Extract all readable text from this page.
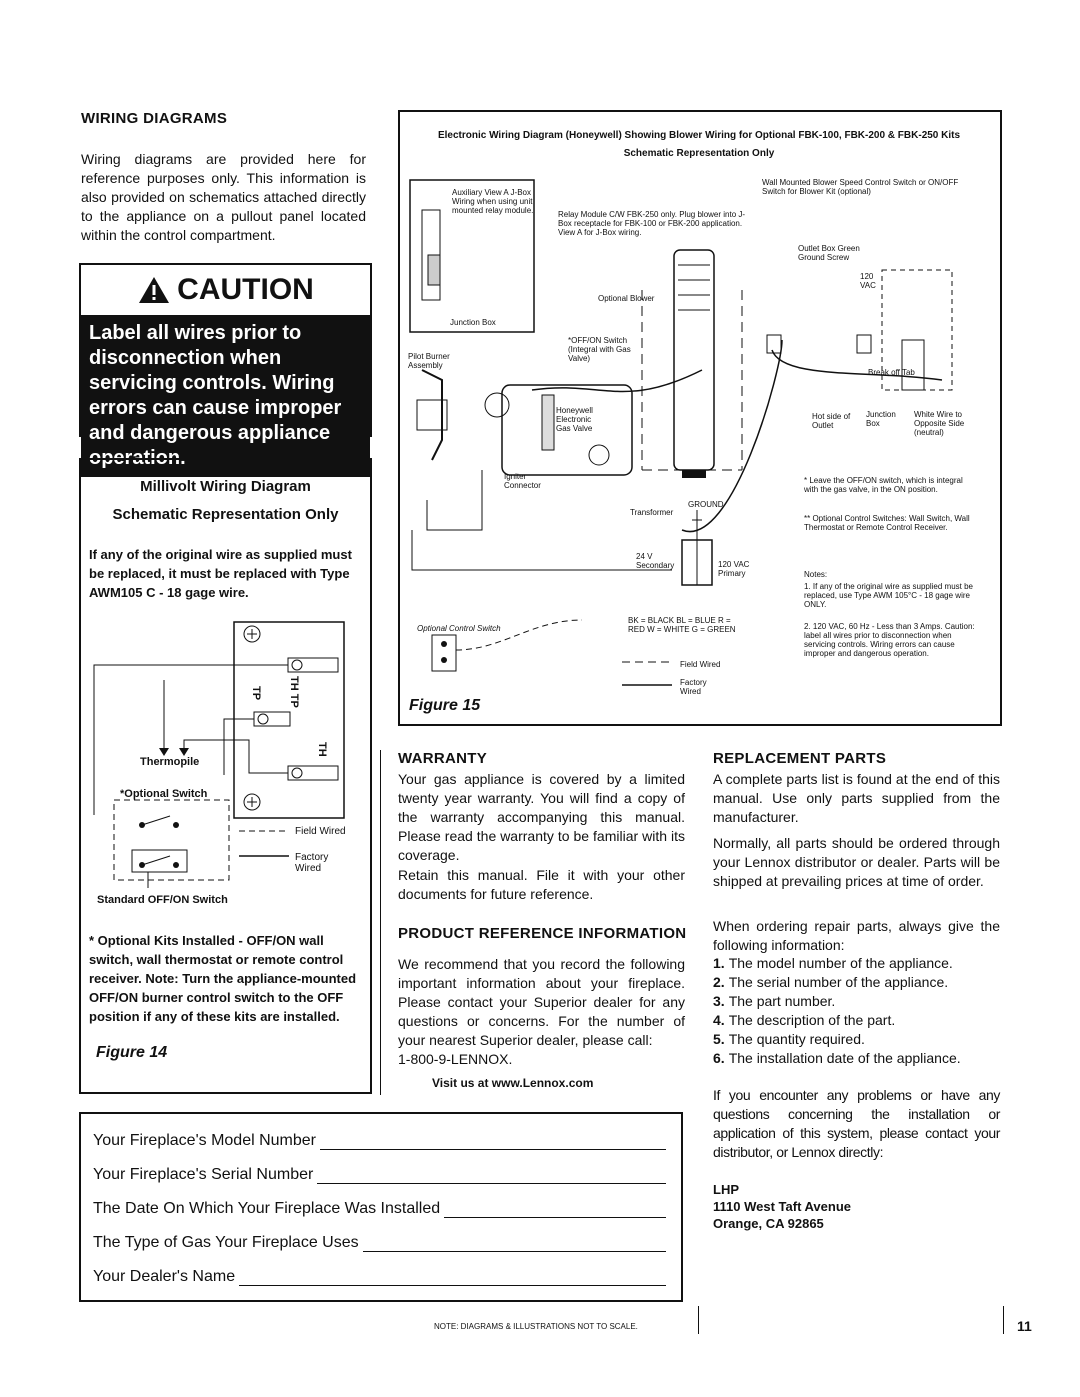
WIRING DIAGRAMS

Wiring diagrams are provided here for reference purposes only. This information is also provided on schematics attached directly to the appliance on a pullout panel located within the control compartment.

CAUTION
Label all wires prior to disconnection when servicing controls. Wiring errors can cause improper and dangerous appliance operation.
Millivolt Wiring Diagram
Schematic Representation Only

If any of the original wire as supplied must be replaced, it must be replaced with Type AWM105 C - 18 gage wire.

TH TP
TP
TH
Thermopile
*Optional Switch
Field Wired
Factory Wired
Standard OFF/ON Switch

* Optional Kits Installed - OFF/ON wall switch, wall thermostat or remote control receiver. Note: Turn the appliance-mounted OFF/ON burner control switch to the OFF position if any of these kits are installed.

Figure 14
Electronic Wiring Diagram (Honeywell) Showing Blower Wiring for Optional FBK-100, FBK-200 & FBK-250 Kits
Schematic Representation Only
Auxiliary View A J-Box Wiring when using unit mounted relay module.
Junction Box
Relay Module C/W FBK-250 only. Plug blower into J-Box receptacle for FBK-100 or FBK-200 application. View A for J-Box wiring.
Wall Mounted Blower Speed Control Switch or ON/OFF Switch for Blower Kit (optional)
Outlet Box Green Ground Screw
Optional Blower
Pilot Burner Assembly
*OFF/ON Switch (Integral with Gas Valve)
Honeywell Electronic Gas Valve
Igniter Connector
Transformer
GROUND
24 V Secondary	120 VAC Primary
120 VAC
Hot side of Outlet
Junction Box
White Wire to Opposite Side (neutral)
Break off Tab
Optional Control Switch
BK = BLACK BL = BLUE R = RED W = WHITE G = GREEN
Field Wired
Factory Wired
* Leave the OFF/ON switch, which is integral with the gas valve, in the ON position.
** Optional Control Switches: Wall Switch, Wall Thermostat or Remote Control Receiver.
Notes:
1. If any of the original wire as supplied must be replaced, use Type AWM 105°C - 18 gage wire ONLY.
2. 120 VAC, 60 Hz - Less than 3 Amps. Caution: label all wires prior to disconnection when servicing controls. Wiring errors can cause improper and dangerous operation.
Figure 15
WARRANTY

Your gas appliance is covered by a limited twenty year warranty. You will find a copy of the warranty accompanying this manual. Please read the warranty to be familiar with its coverage.

Retain this manual. File it with your other documents for future reference.

PRODUCT REFERENCE INFORMATION

We recommend that you record the following important information about your fireplace. Please contact your Superior dealer for any questions or concerns. For the number of your nearest Superior dealer, please call:

1-800-9-LENNOX.

Visit us at www.Lennox.com

REPLACEMENT PARTS

A complete parts list is found at the end of this manual. Use only parts supplied from the manufacturer.

Normally, all parts should be ordered through your Lennox distributor or dealer. Parts will be shipped at prevailing prices at time of order.

When ordering repair parts, always give the following information:

1. The model number of the appliance.
2. The serial number of the appliance.
3. The part number.
4. The description of the part.
5. The quantity required.
6. The installation date of the appliance.

If you encounter any problems or have any questions concerning the installation or application of this system, please contact your distributor, or Lennox directly:

LHP

1110 West Taft Avenue

Orange, CA 92865

Your Fireplace's Model Number
Your Fireplace's Serial Number
The Date On Which Your Fireplace Was Installed
The Type of Gas Your Fireplace Uses
Your Dealer's Name
NOTE: DIAGRAMS & ILLUSTRATIONS NOT TO SCALE.	11
